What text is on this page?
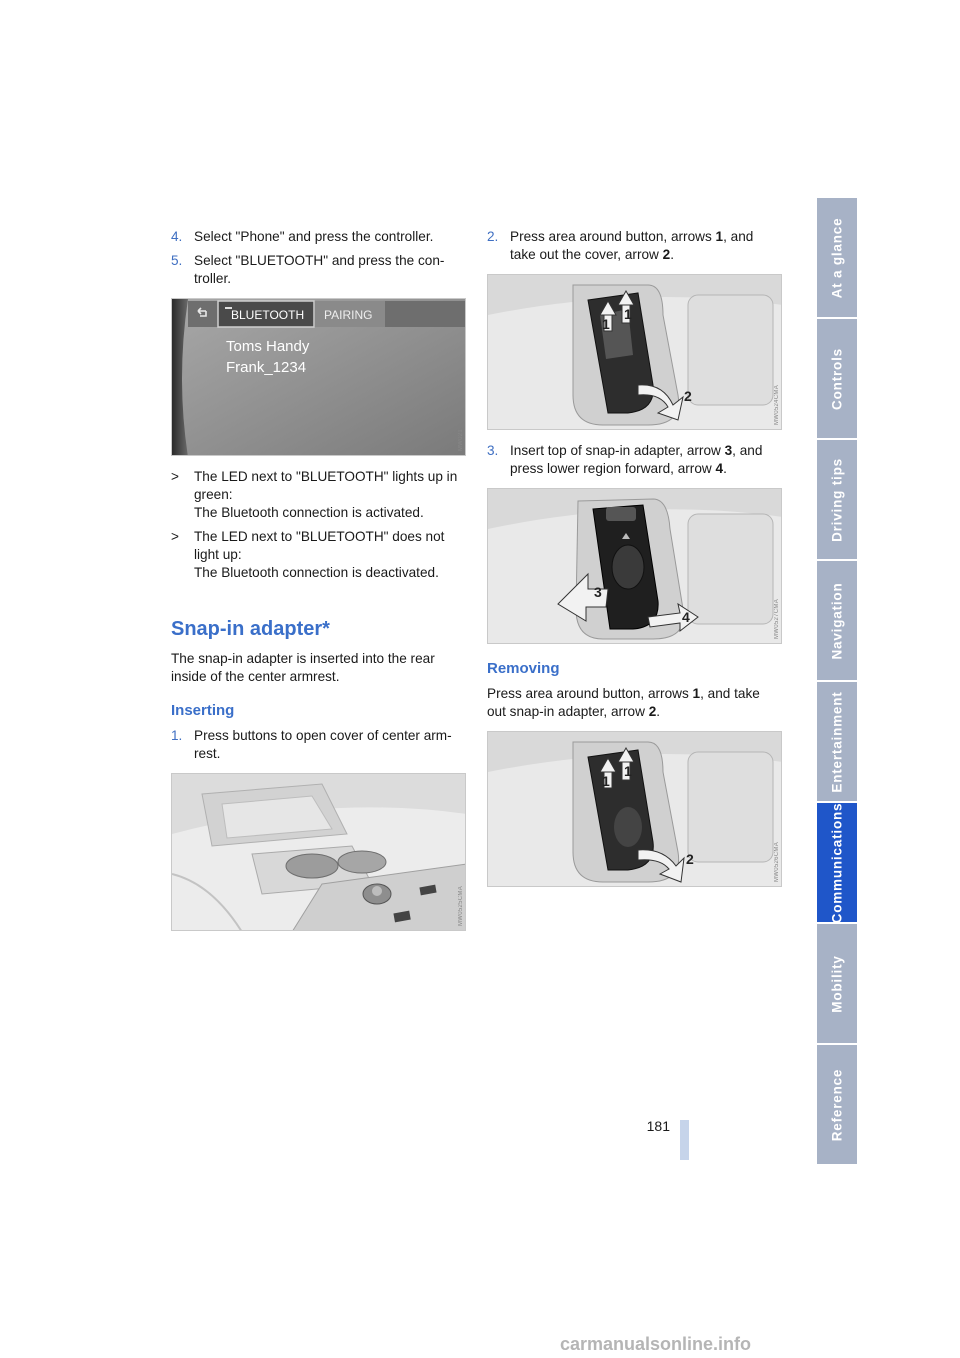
4. Select "Phone" and press the controller.
5. Select "BLUETOOTH" and press the con-
troller.
BLUETOOTH PAIRING
Toms Handy
Frank_1234
MW021
>	The LED next to "BLUETOOTH" lights up in green:
The Bluetooth connection is activated.
>	The LED next to "BLUETOOTH" does not light up:
The Bluetooth connection is deactivated.
Snap-in adapter*
The snap-in adapter is inserted into the rear inside of the center armrest.
Inserting
1. Press buttons to open cover of center arm-
rest.
MW0525CMA
2. Press area around button, arrows 1, and take out the cover, arrow 2.
1
1
2	MW0524CMA
3. Insert top of snap-in adapter, arrow 3, and press lower region forward, arrow 4.
3
4	MW0527CMA
Removing
Press area around button, arrows 1, and take out snap-in adapter, arrow 2.
1
1
2	MW0526CMA
At a glance
Controls
Driving tips
Navigation
Entertainment
Communications
Mobility
Reference
181
carmanualsonline.info
